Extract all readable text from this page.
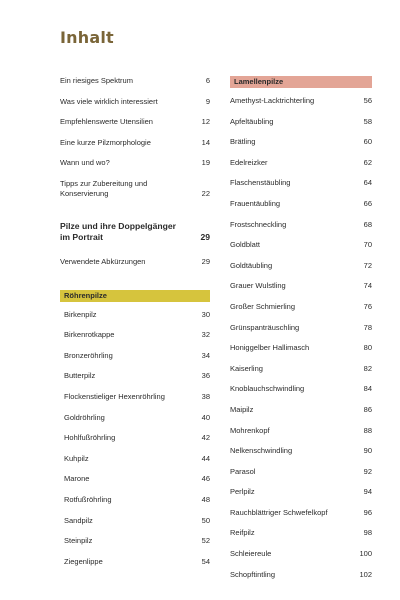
Inhalt
Ein riesiges Spektrum	6
Was viele wirklich interessiert	9
Empfehlenswerte Utensilien	12
Eine kurze Pilzmorphologie	14
Wann und wo?	19
Tipps zur Zubereitung und Konservierung	22
Pilze und ihre Doppelgänger im Portrait	29
Verwendete Abkürzungen	29
Röhrenpilze
Birkenpilz	30
Birkenrotkappe	32
Bronzeröhrling	34
Butterpilz	36
Flockenstieliger Hexenröhrling	38
Goldröhrling	40
Hohlfußröhrling	42
Kuhpilz	44
Marone	46
Rotfußröhrling	48
Sandpilz	50
Steinpilz	52
Ziegenlippe	54
Lamellenpilze
Amethyst-Lacktrichterling	56
Apfeltäubling	58
Brätling	60
Edelreizker	62
Flaschenstäubling	64
Frauentäubling	66
Frostschneckling	68
Goldblatt	70
Goldtäubling	72
Grauer Wulstling	74
Großer Schmierling	76
Grünspanträuschling	78
Honiggelber Hallimasch	80
Kaiserling	82
Knoblauchschwindling	84
Maipilz	86
Mohrenkopf	88
Nelkenschwindling	90
Parasol	92
Perlpilz	94
Rauchblättriger Schwefelkopf	96
Reifpilz	98
Schleiereule	100
Schopftintling	102
